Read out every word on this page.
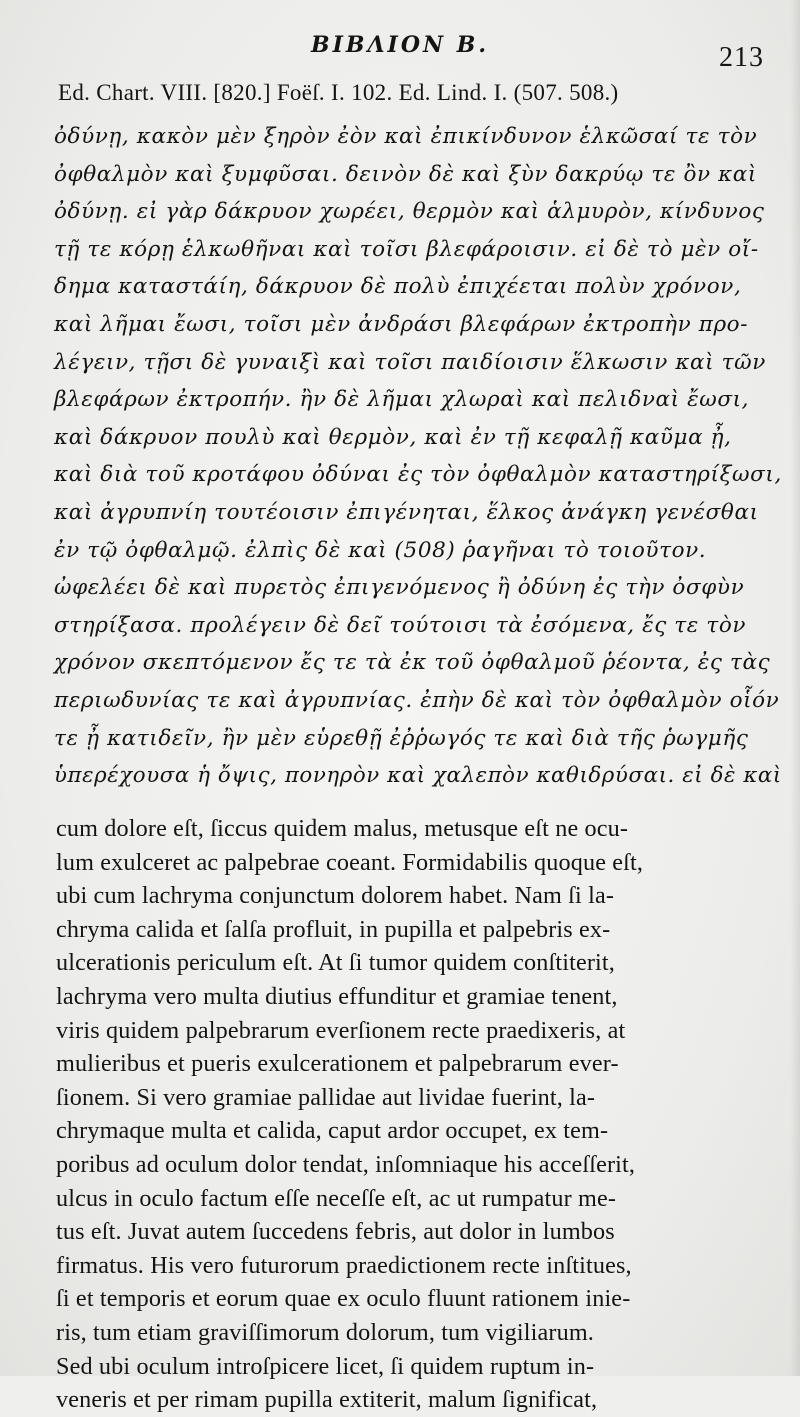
ΒΙΒΛΙΟΝ Β.	213
Ed. Chart. VIII. [820.] Foëſ. I. 102. Ed. Lind. I. (507. 508.)
ὀδύνῃ, κακὸν μὲν ξηρὸν ἐὸν καὶ ἐπικίνδυνον ἑλκῶσαί τε τὸν
ὀφθαλμὸν καὶ ξυμφῦσαι. δεινὸν δὲ καὶ ξὺν δακρύῳ τε ὂν καὶ
ὀδύνῃ. εἰ γὰρ δάκρυον χωρέει, θερμὸν καὶ ἁλμυρὸν, κίνδυνος
τῇ τε κόρῃ ἑλκωθῆναι καὶ τοῖσι βλεφάροισιν. εἰ δὲ τὸ μὲν οἴ-
δημα καταστάίη, δάκρυον δὲ πολὺ ἐπιχέεται πολὺν χρόνον,
καὶ λῆμαι ἔωσι, τοῖσι μὲν ἀνδράσι βλεφάρων ἐκτροπὴν προ-
λέγειν, τῇσι δὲ γυναιξὶ καὶ τοῖσι παιδίοισιν ἕλκωσιν καὶ τῶν
βλεφάρων ἐκτροπήν. ἢν δὲ λῆμαι χλωραὶ καὶ πελιδναὶ ἔωσι,
καὶ δάκρυον πουλὺ καὶ θερμὸν, καὶ ἐν τῇ κεφαλῇ καῦμα ᾖ,
καὶ διὰ τοῦ κροτάφου ὀδύναι ἐς τὸν ὀφθαλμὸν καταστηρίξωσι,
καὶ ἀγρυπνίη τουτέοισιν ἐπιγένηται, ἕλκος ἀνάγκη γενέσθαι
ἐν τῷ ὀφθαλμῷ. ἐλπὶς δὲ καὶ (508) ῥαγῆναι τὸ τοιοῦτον.
ὠφελέει δὲ καὶ πυρετὸς ἐπιγενόμενος ἢ ὀδύνη ἐς τὴν ὀσφὺν
στηρίξασα. προλέγειν δὲ δεῖ τούτοισι τὰ ἐσόμενα, ἔς τε τὸν
χρόνον σκεπτόμενον ἔς τε τὰ ἐκ τοῦ ὀφθαλμοῦ ῥέοντα, ἐς τὰς
περιωδυνίας τε καὶ ἀγρυπνίας. ἐπὴν δὲ καὶ τὸν ὀφθαλμὸν οἷόν
τε ᾖ κατιδεῖν, ἢν μὲν εὑρεθῇ ἐῤῥωγός τε καὶ διὰ τῆς ῥωγμῆς
ὑπερέχουσα ἡ ὄψις, πονηρὸν καὶ χαλεπὸν καθιδρύσαι. εἰ δὲ καὶ
cum dolore eſt, ſiccus quidem malus, metusque eſt ne ocu-
lum exulceret ac palpebrae coeant. Formidabilis quoque eſt,
ubi cum lachryma conjunctum dolorem habet. Nam ſi la-
chryma calida et ſalſa profluit, in pupilla et palpebris ex-
ulcerationis periculum eſt. At ſi tumor quidem conſtiterit,
lachryma vero multa diutius effunditur et gramiae tenent,
viris quidem palpebrarum everſionem recte praedixeris, at
mulieribus et pueris exulcerationem et palpebrarum ever-
ſionem. Si vero gramiae pallidae aut lividae fuerint, la-
chrymaque multa et calida, caput ardor occupet, ex tem-
poribus ad oculum dolor tendat, inſomniaque his acceſſerit,
ulcus in oculo factum eſſe neceſſe eſt, ac ut rumpatur me-
tus eſt. Juvat autem ſuccedens febris, aut dolor in lumbos
firmatus. His vero futurorum praedictionem recte inſtitues,
ſi et temporis et eorum quae ex oculo fluunt rationem inie-
ris, tum etiam graviſſimorum dolorum, tum vigiliarum.
Sed ubi oculum introſpicere licet, ſi quidem ruptum in-
veneris et per rimam pupilla extiterit, malum ſignificat,
